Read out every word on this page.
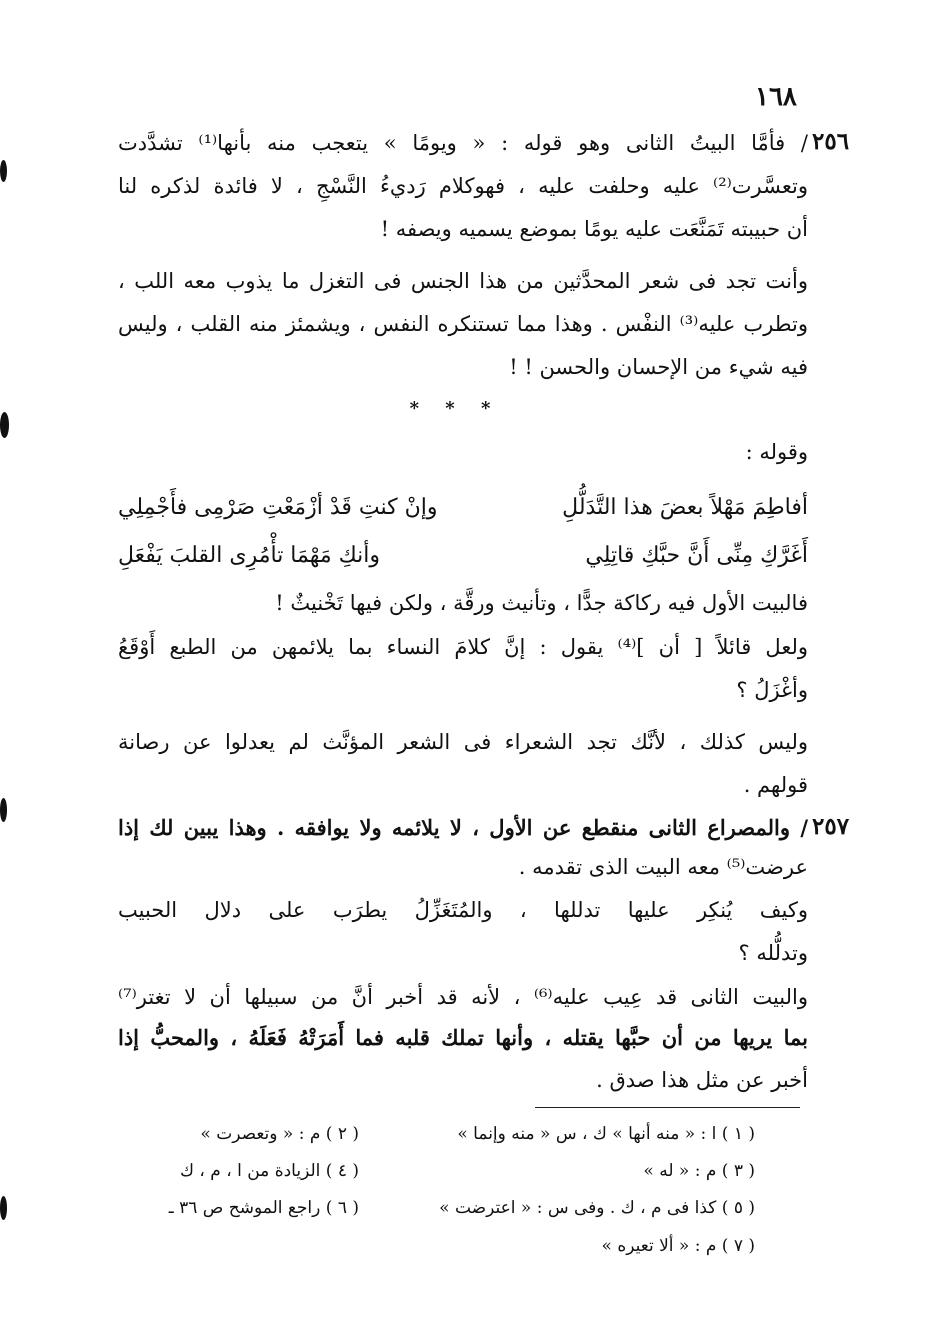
١٦٨
٢٥٦
/ فأمَّا البيتُ الثانى وهو قوله : « ويومًا » يتعجب منه بأنها⁽¹⁾ تشدَّدت
وتعسَّرت⁽²⁾ عليه وحلفت عليه ، فهوكلام رَديءُ النَّسْجِ ، لا فائدة لذكره لنا
أن حبيبته تَمَنَّعَت عليه يومًا بموضع يسميه ويصفه !
وأنت تجد فى شعر المحدَّثين من هذا الجنس فى التغزل ما يذوب معه اللب ،
وتطرب عليه⁽³⁾ النفْس . وهذا مما تستنكره النفس ، ويشمئز منه القلب ، وليس
فيه شيء من الإحسان والحسن ! !
* * *
وقوله :
أفاطِمَ مَهْلاً بعضَ هذا التَّدَلُّلِ
وإنْ كنتِ قَدْ أزْمَعْتِ صَرْمِى فأَجْمِلِي
أَغَرَّكِ مِنِّى أَنَّ حبَّكِ قاتِلِي
وأنكِ مَهْمَا تأْمُرِى القلبَ يَفْعَلِ
فالبيت الأول فيه ركاكة جدًّا ، وتأنيث ورقَّة ، ولكن فيها تَخْنيثٌ !
ولعل قائلاً [ أن ]⁽⁴⁾ يقول : إنَّ كلامَ النساء بما يلائمهن من الطبع أَوْقَعُ
وأغْزَلُ ؟
وليس كذلك ، لأنَّك تجد الشعراء فى الشعر المؤنَّث لم يعدلوا عن رصانة
قولهم .
٢٥٧
/ والمصراع الثانى منقطع عن الأول ، لا يلائمه ولا يوافقه . وهذا يبين لك إذا
عرضت⁽⁵⁾ معه البيت الذى تقدمه .
وكيف يُنكِر عليها تدللها ، والمُتَغَزِّلُ يطرَب على دلال الحبيب
وتدلُّله ؟
والبيت الثانى قد عِيب عليه⁽⁶⁾ ، لأنه قد أخبر أنَّ من سبيلها أن لا تغتر⁽⁷⁾
بما يريها من أن حبَّها يقتله ، وأنها تملك قلبه فما أَمَرَتْهُ فَعَلَهُ ، والمحبُّ إذا
أخبر عن مثل هذا صدق .
( ١ ) ا : « منه أنها » ك ، س « منه وإنما »
( ٢ ) م : « وتعصرت »
( ٣ ) م : « له »
( ٤ ) الزيادة من ا ، م ، ك
( ٥ ) كذا فى م ، ك . وفى س : « اعترضت »
( ٦ ) راجع الموشح ص ٣٦ ـ
( ٧ ) م : « ألا تعيره »
